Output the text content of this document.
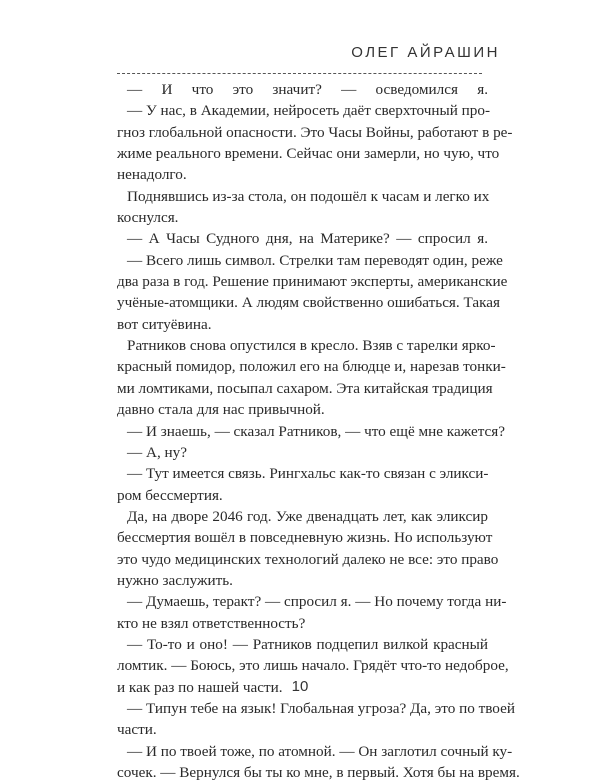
ОЛЕГ АЙРАШИН
— И что это значит? — осведомился я.
— У нас, в Академии, нейросеть даёт сверхточный про-
гноз глобальной опасности. Это Часы Войны, работают в ре-
жиме реального времени. Сейчас они замерли, но чую, что
ненадолго.
Поднявшись из-за стола, он подошёл к часам и легко их
коснулся.
— А Часы Судного дня, на Материке? — спросил я.
— Всего лишь символ. Стрелки там переводят один, реже
два раза в год. Решение принимают эксперты, американские
учёные-атомщики. А людям свойственно ошибаться. Такая
вот ситуёвина.
Ратников снова опустился в кресло. Взяв с тарелки ярко-
красный помидор, положил его на блюдце и, нарезав тонки-
ми ломтиками, посыпал сахаром. Эта китайская традиция
давно стала для нас привычной.
— И знаешь, — сказал Ратников, — что ещё мне кажется?
— А, ну?
— Тут имеется связь. Рингхальс как-то связан с эликси-
ром бессмертия.
Да, на дворе 2046 год. Уже двенадцать лет, как эликсир
бессмертия вошёл в повседневную жизнь. Но используют
это чудо медицинских технологий далеко не все: это право
нужно заслужить.
— Думаешь, теракт? — спросил я. — Но почему тогда ни-
кто не взял ответственность?
— То-то и оно! — Ратников подцепил вилкой красный
ломтик. — Боюсь, это лишь начало. Грядёт что-то недоброе,
и как раз по нашей части.
— Типун тебе на язык! Глобальная угроза? Да, это по твоей
части.
— И по твоей тоже, по атомной. — Он заглотил сочный ку-
сочек. — Вернулся бы ты ко мне, в первый. Хотя бы на время.
10
